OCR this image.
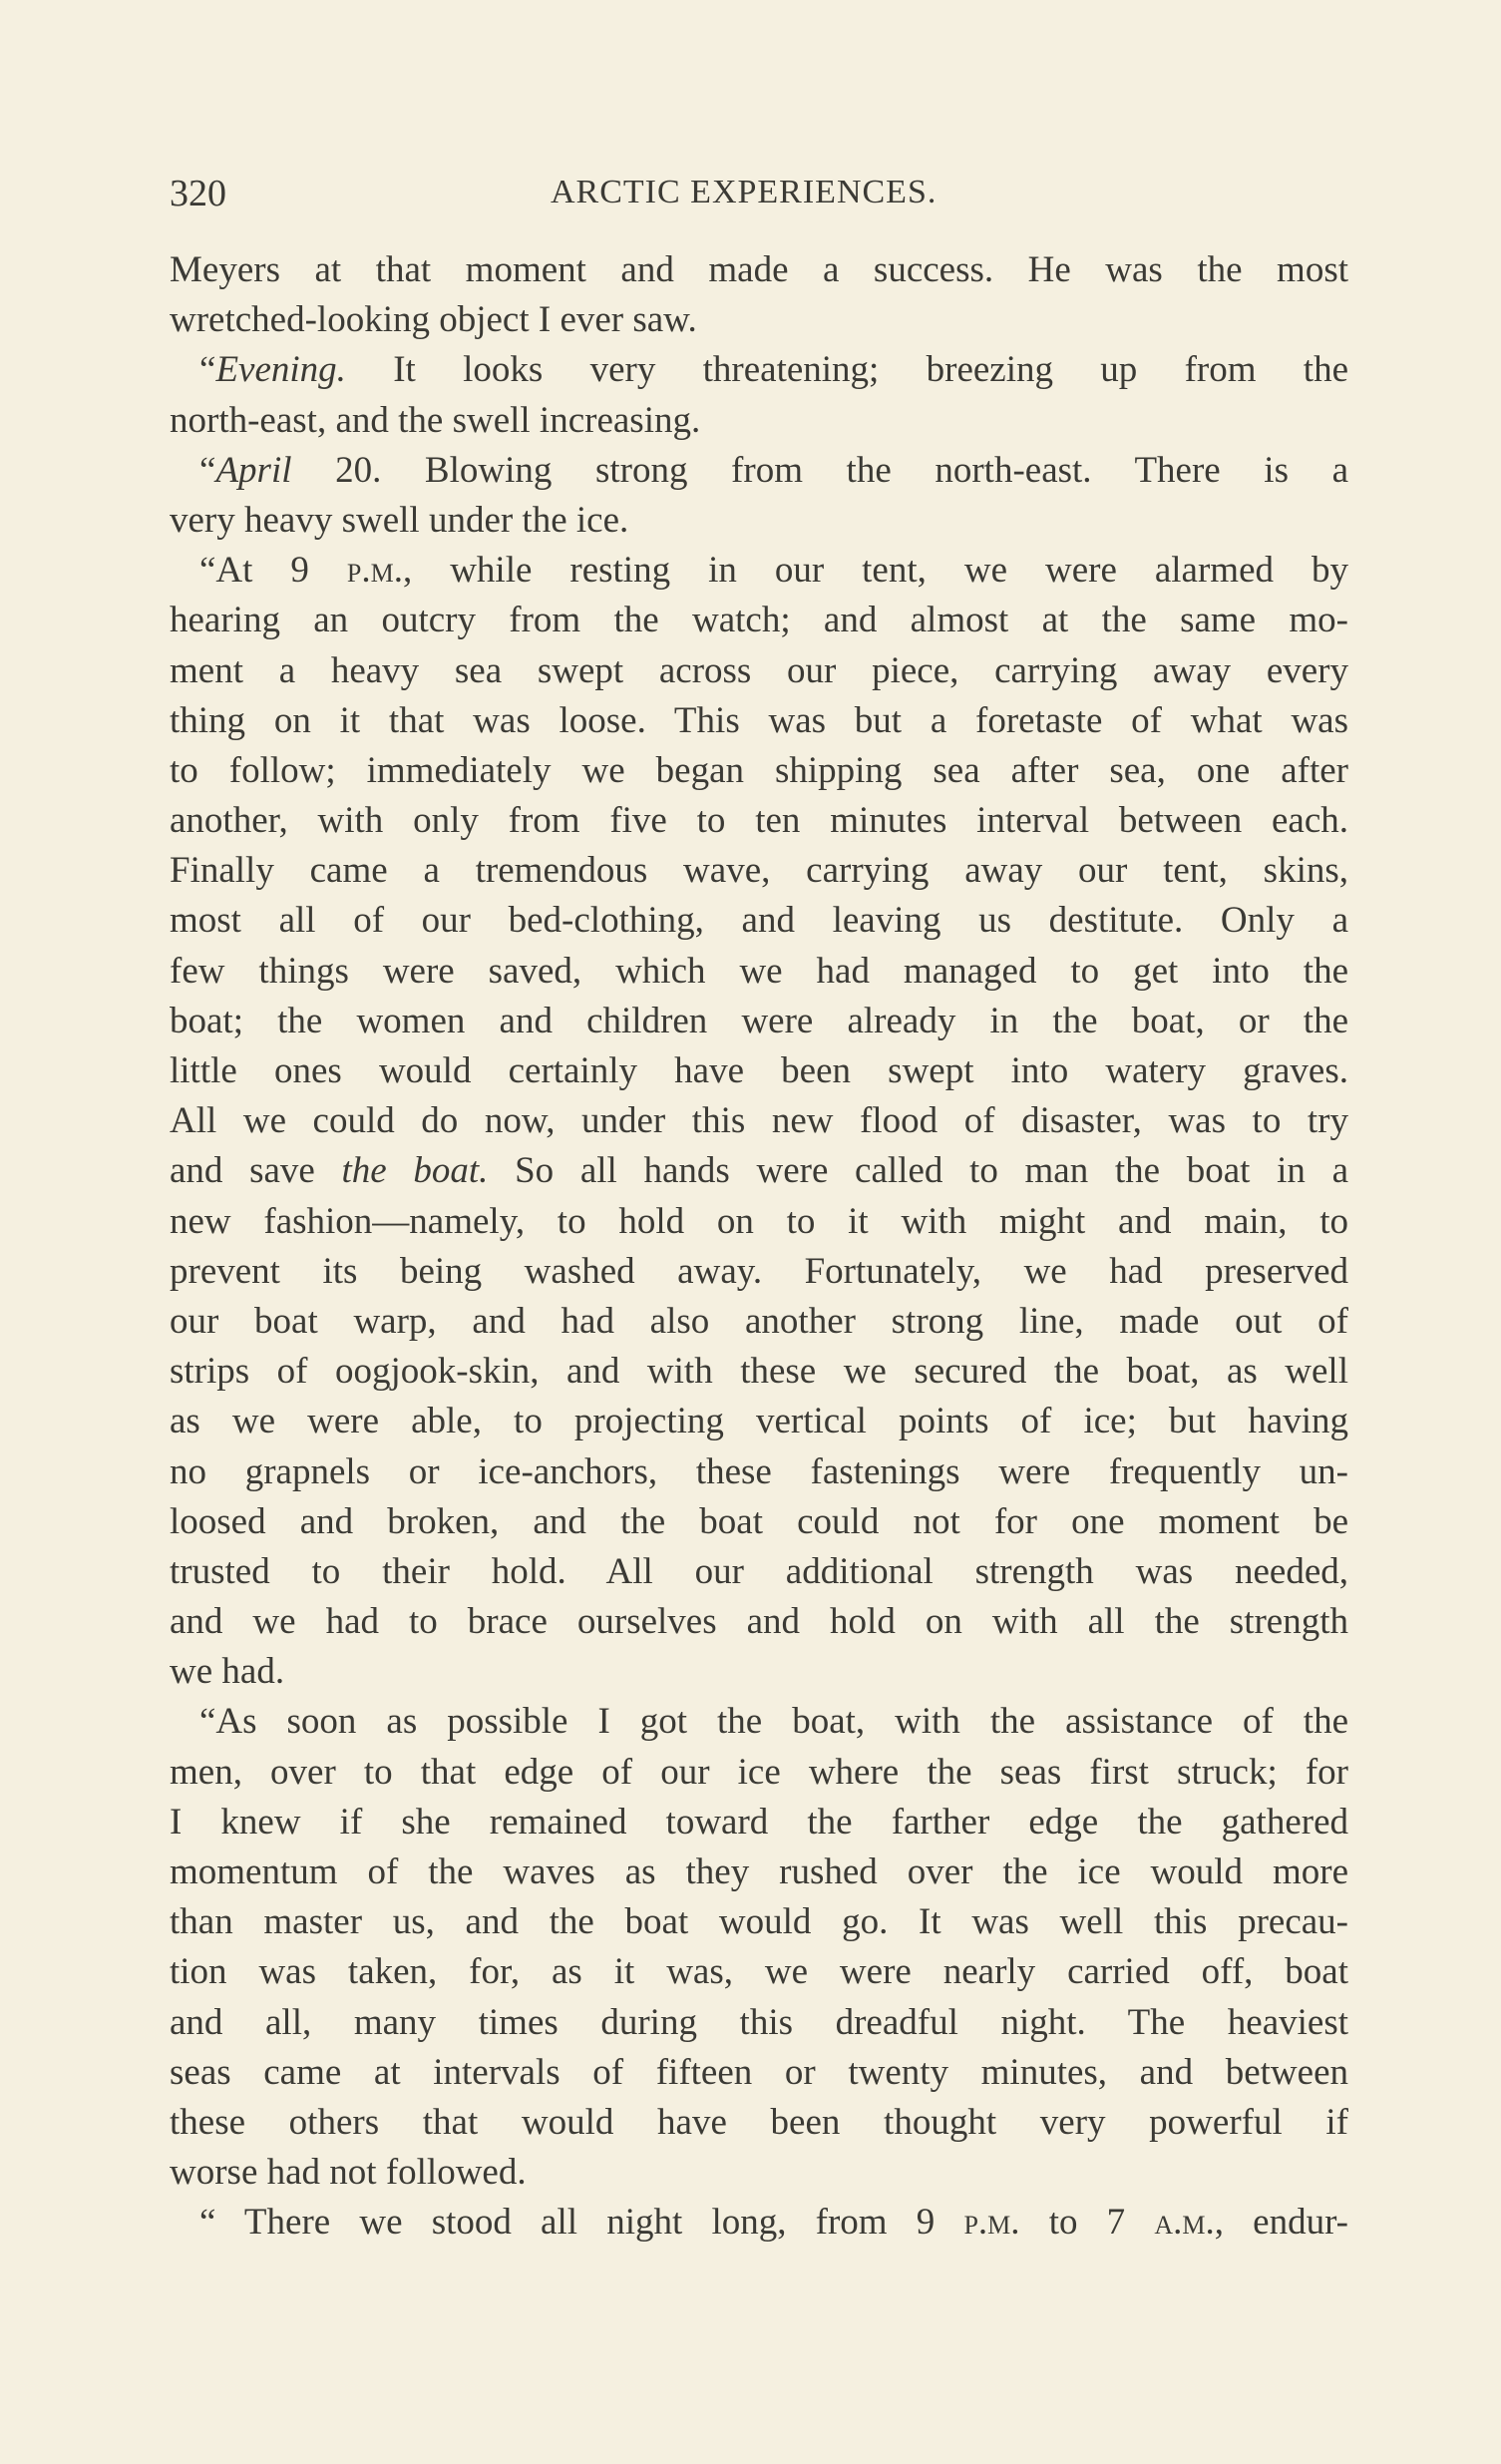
320	ARCTIC EXPERIENCES.
Meyers at that moment and made a success. He was the most
wretched-looking object I ever saw.
“Evening. It looks very threatening; breezing up from the
north-east, and the swell increasing.
“April 20. Blowing strong from the north-east. There is a
very heavy swell under the ice.
“At 9 p.m., while resting in our tent, we were alarmed by
hearing an outcry from the watch; and almost at the same mo-
ment a heavy sea swept across our piece, carrying away every
thing on it that was loose. This was but a foretaste of what was
to follow; immediately we began shipping sea after sea, one after
another, with only from five to ten minutes interval between each.
Finally came a tremendous wave, carrying away our tent, skins,
most all of our bed-clothing, and leaving us destitute. Only a
few things were saved, which we had managed to get into the
boat; the women and children were already in the boat, or the
little ones would certainly have been swept into watery graves.
All we could do now, under this new flood of disaster, was to try
and save the boat. So all hands were called to man the boat in a
new fashion—namely, to hold on to it with might and main, to
prevent its being washed away. Fortunately, we had preserved
our boat warp, and had also another strong line, made out of
strips of oogjook-skin, and with these we secured the boat, as well
as we were able, to projecting vertical points of ice; but having
no grapnels or ice-anchors, these fastenings were frequently un-
loosed and broken, and the boat could not for one moment be
trusted to their hold. All our additional strength was needed,
and we had to brace ourselves and hold on with all the strength
we had.
“As soon as possible I got the boat, with the assistance of the
men, over to that edge of our ice where the seas first struck; for
I knew if she remained toward the farther edge the gathered
momentum of the waves as they rushed over the ice would more
than master us, and the boat would go. It was well this precau-
tion was taken, for, as it was, we were nearly carried off, boat
and all, many times during this dreadful night. The heaviest
seas came at intervals of fifteen or twenty minutes, and between
these others that would have been thought very powerful if
worse had not followed.
“ There we stood all night long, from 9 p.m. to 7 a.m., endur-
